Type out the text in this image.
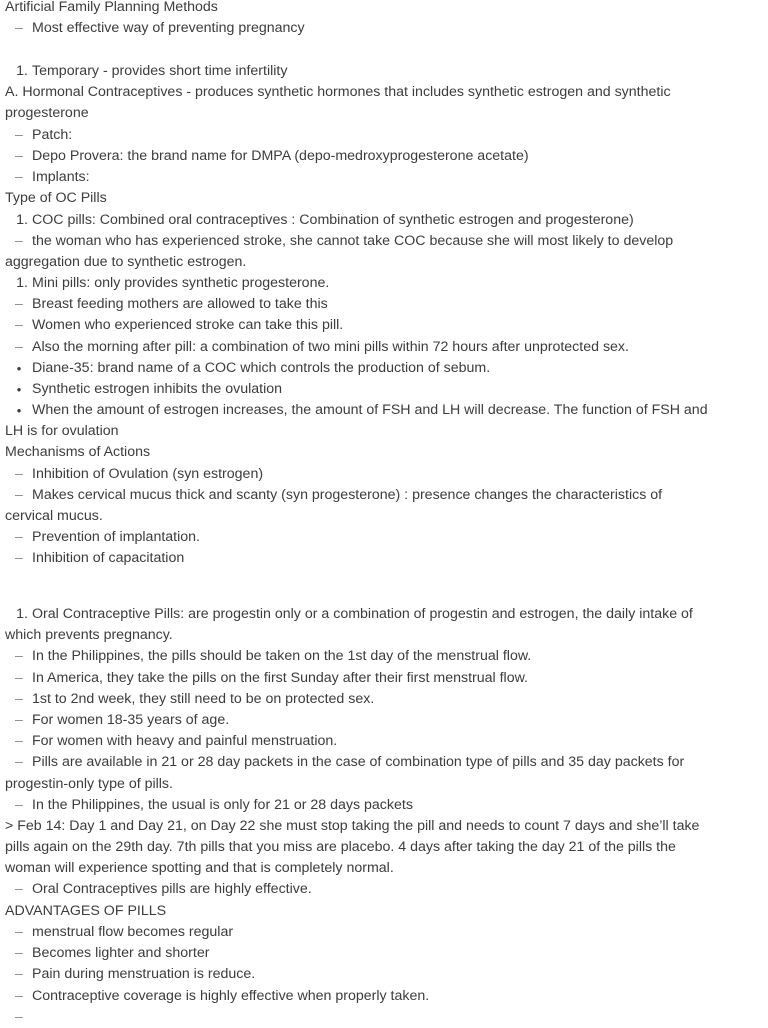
Artificial Family Planning Methods
– Most effective way of preventing pregnancy
1. Temporary - provides short time infertility
A. Hormonal Contraceptives - produces synthetic hormones that includes synthetic estrogen and synthetic
progesterone
– Patch:
– Depo Provera: the brand name for DMPA (depo-medroxyprogesterone acetate)
– Implants:
Type of OC Pills
1. COC pills: Combined oral contraceptives : Combination of synthetic estrogen and progesterone)
– the woman who has experienced stroke, she cannot take COC because she will most likely to develop
aggregation due to synthetic estrogen.
1. Mini pills: only provides synthetic progesterone.
– Breast feeding mothers are allowed to take this
– Women who experienced stroke can take this pill.
– Also the morning after pill: a combination of two mini pills within 72 hours after unprotected sex.
• Diane-35: brand name of a COC which controls the production of sebum.
• Synthetic estrogen inhibits the ovulation
• When the amount of estrogen increases, the amount of FSH and LH will decrease. The function of FSH and
LH is for ovulation
Mechanisms of Actions
– Inhibition of Ovulation (syn estrogen)
– Makes cervical mucus thick and scanty (syn progesterone) : presence changes the characteristics of
cervical mucus.
– Prevention of implantation.
– Inhibition of capacitation
1. Oral Contraceptive Pills: are progestin only or a combination of progestin and estrogen, the daily intake of
which prevents pregnancy.
– In the Philippines, the pills should be taken on the 1st day of the menstrual flow.
– In America, they take the pills on the first Sunday after their first menstrual flow.
– 1st to 2nd week, they still need to be on protected sex.
– For women 18-35 years of age.
– For women with heavy and painful menstruation.
– Pills are available in 21 or 28 day packets in the case of combination type of pills and 35 day packets for
progestin-only type of pills.
– In the Philippines, the usual is only for 21 or 28 days packets
> Feb 14: Day 1 and Day 21, on Day 22 she must stop taking the pill and needs to count 7 days and she’ll take
pills again on the 29th day. 7th pills that you miss are placebo. 4 days after taking the day 21 of the pills the
woman will experience spotting and that is completely normal.
– Oral Contraceptives pills are highly effective.
ADVANTAGES OF PILLS
– menstrual flow becomes regular
– Becomes lighter and shorter
– Pain during menstruation is reduce.
– Contraceptive coverage is highly effective when properly taken.
–
